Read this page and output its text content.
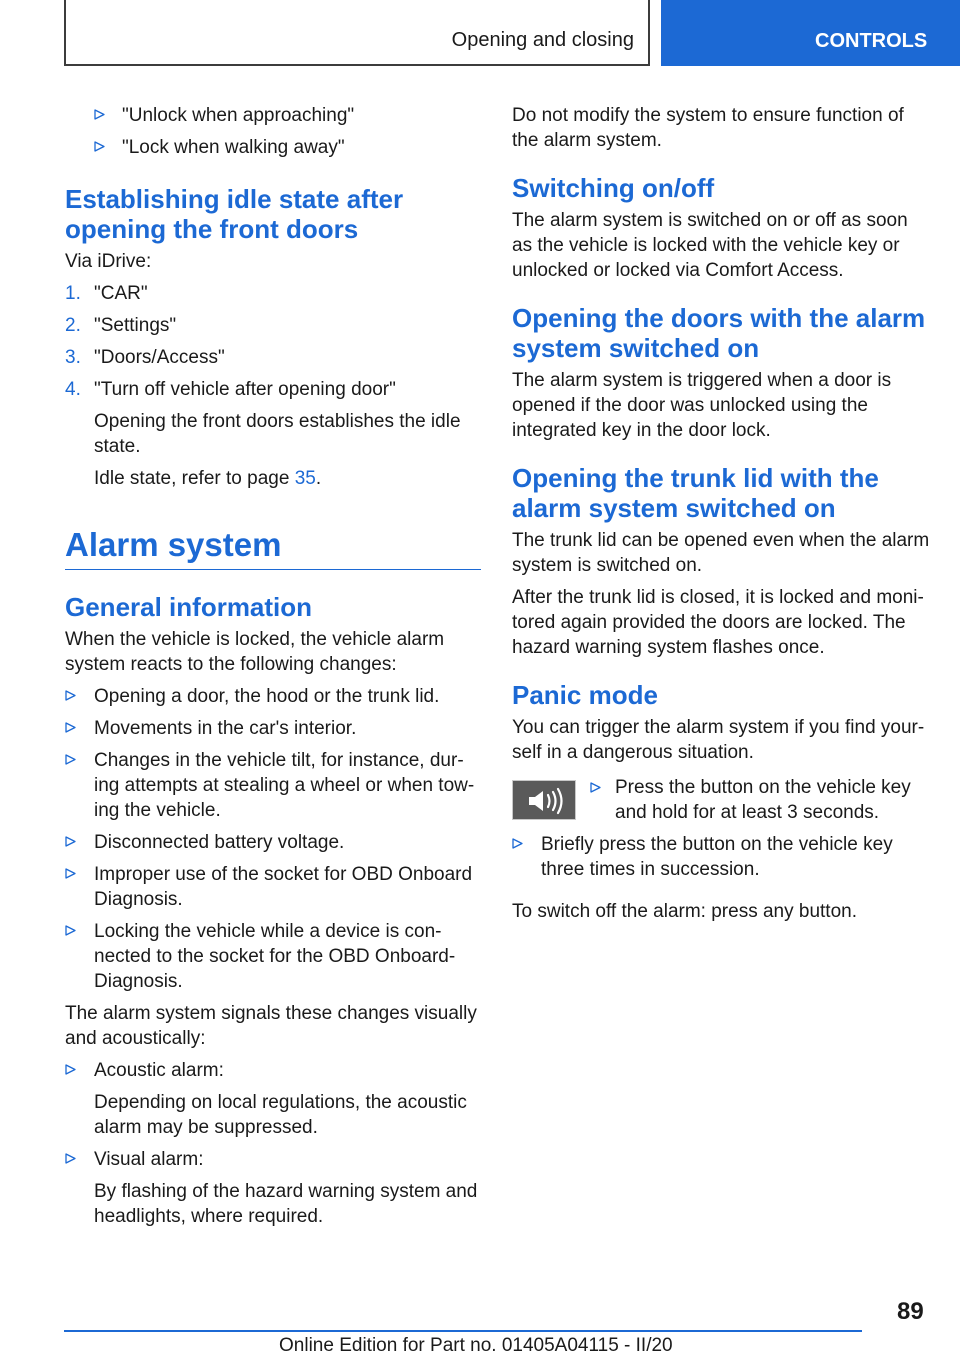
Opening and closing	CONTROLS
"Unlock when approaching"
"Lock when walking away"
Establishing idle state after opening the front doors

Via iDrive:

1. "CAR"
2. "Settings"
3. "Doors/Access"
4. "Turn off vehicle after opening door"
Opening the front doors establishes the idle state.
Idle state, refer to page 35.
Alarm system
General information

When the vehicle is locked, the vehicle alarm system reacts to the following changes:

Opening a door, the hood or the trunk lid.
Movements in the car's interior.
Changes in the vehicle tilt, for instance, during attempts at stealing a wheel or when towing the vehicle.
Disconnected battery voltage.
Improper use of the socket for OBD Onboard Diagnosis.
Locking the vehicle while a device is connected to the socket for the OBD Onboard-Diagnosis.

The alarm system signals these changes visually and acoustically:

Acoustic alarm:
Depending on local regulations, the acoustic alarm may be suppressed.
Visual alarm:
By flashing of the hazard warning system and headlights, where required.

Do not modify the system to ensure function of the alarm system.

Switching on/off

The alarm system is switched on or off as soon as the vehicle is locked with the vehicle key or unlocked or locked via Comfort Access.

Opening the doors with the alarm system switched on

The alarm system is triggered when a door is opened if the door was unlocked using the integrated key in the door lock.

Opening the trunk lid with the alarm system switched on

The trunk lid can be opened even when the alarm system is switched on.

After the trunk lid is closed, it is locked and monitored again provided the doors are locked. The hazard warning system flashes once.

Panic mode

You can trigger the alarm system if you find yourself in a dangerous situation.

Press the button on the vehicle key and hold for at least 3 seconds.
Briefly press the button on the vehicle key three times in succession.

To switch off the alarm: press any button.

89
Online Edition for Part no. 01405A04115 - II/20
